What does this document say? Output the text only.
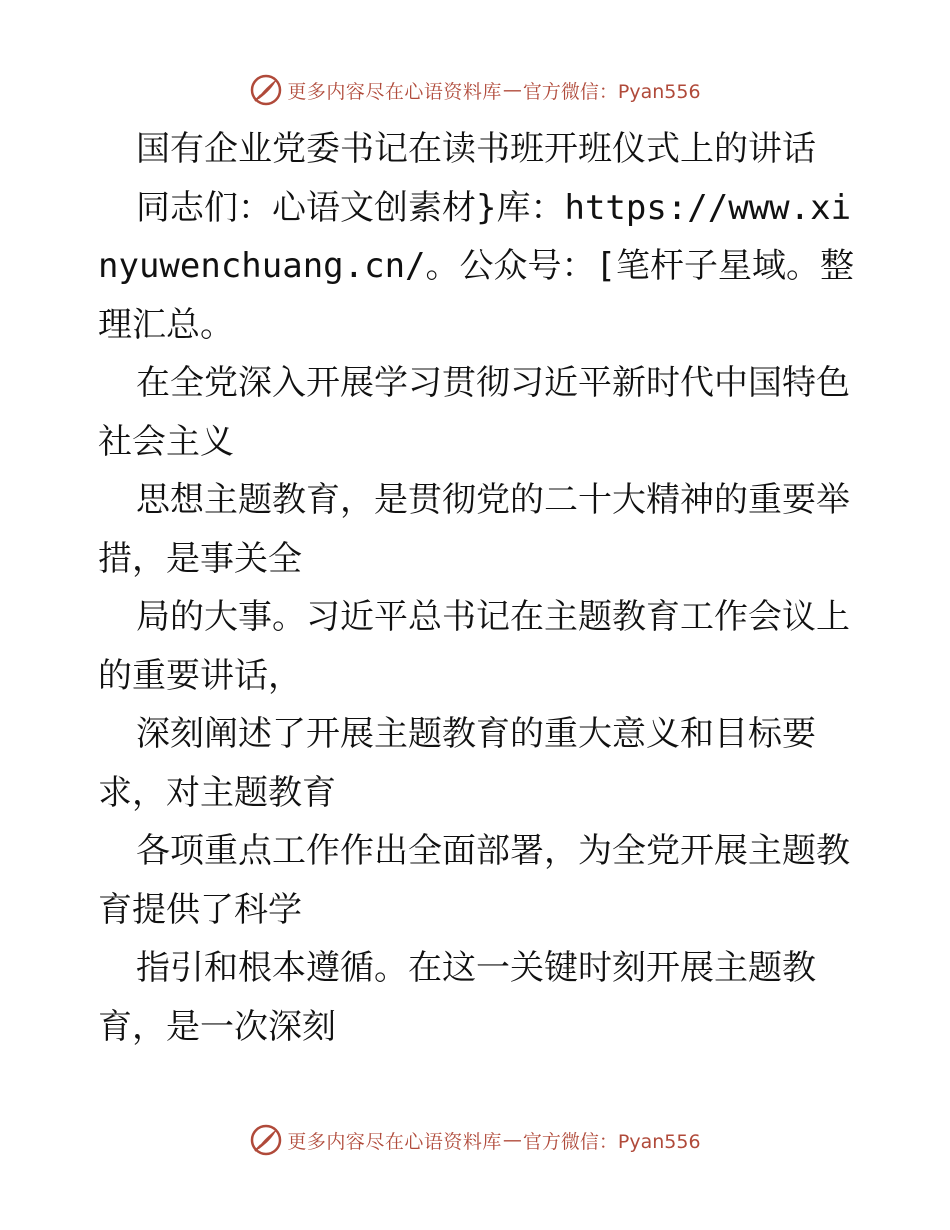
更多内容尽在心语资料库 — 官方微信：Pyan556

国有企业党委书记在读书班开班仪式上的讲话

同志们：心语文创素材}库：https://www.xinyuwenchuang.cn/。公众号：[笔杆子星域。整理汇总。

在全党深入开展学习贯彻习近平新时代中国特色社会主义

思想主题教育，是贯彻党的二十大精神的重要举措，是事关全

局的大事。习近平总书记在主题教育工作会议上的重要讲话，

深刻阐述了开展主题教育的重大意义和目标要求，对主题教育

各项重点工作作出全面部署，为全党开展主题教育提供了科学

指引和根本遵循。在这一关键时刻开展主题教育，是一次深刻

更多内容尽在心语资料库 — 官方微信：Pyan556
